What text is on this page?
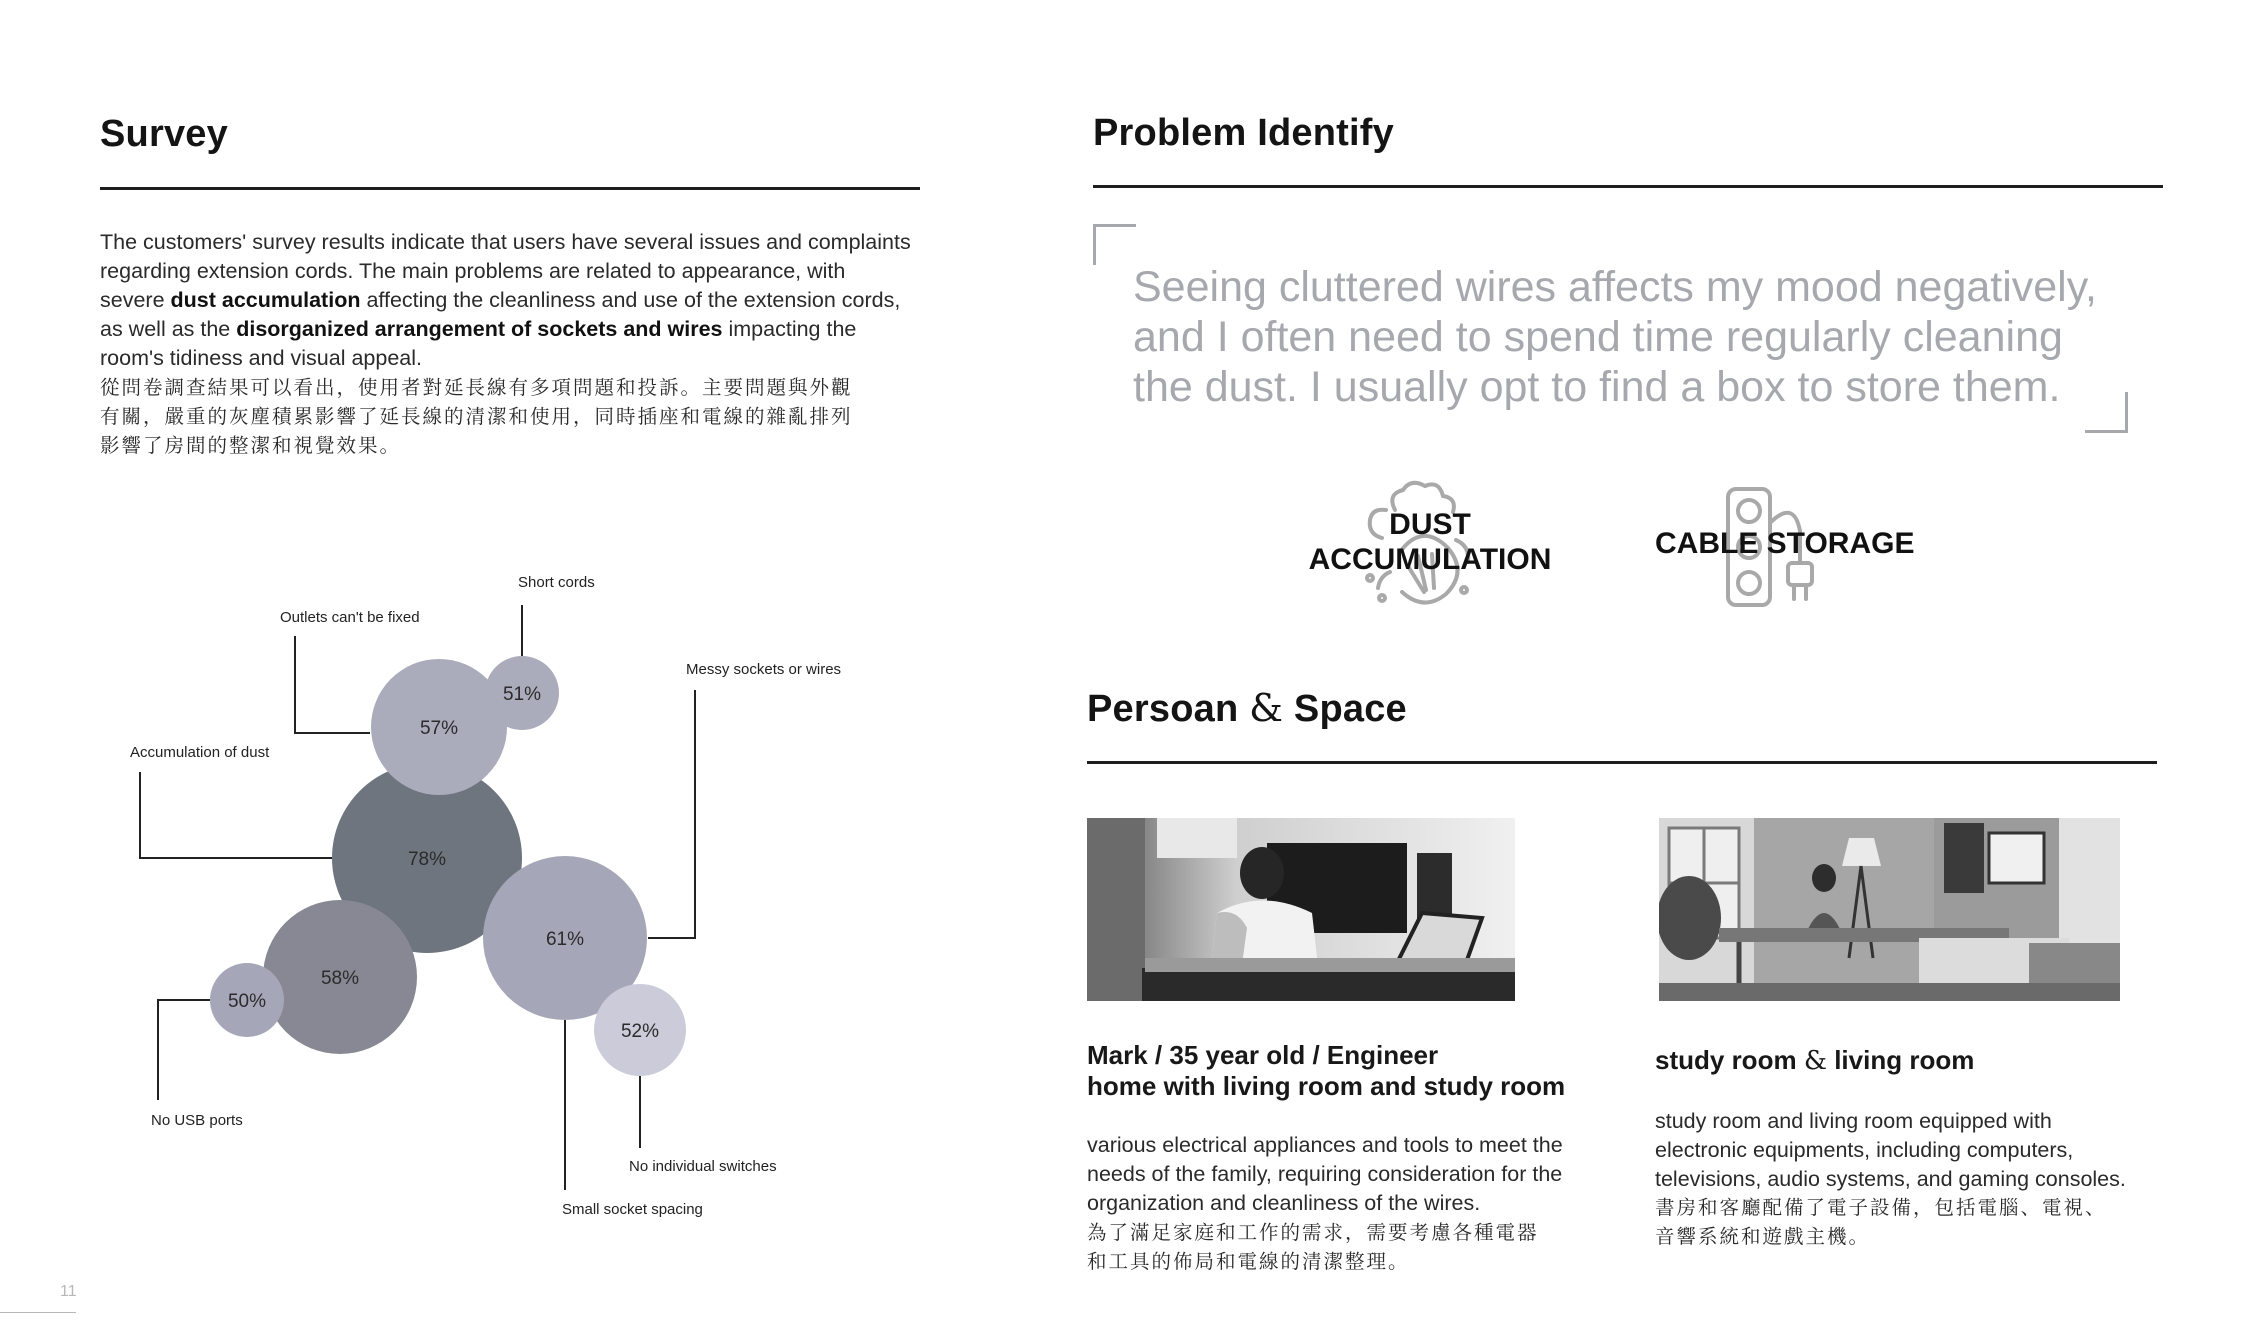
Survey
The customers' survey results indicate that users have several issues and complaints regarding extension cords. The main problems are related to appearance, with severe dust accumulation affecting the cleanliness and use of the extension cords, as well as the disorganized arrangement of sockets and wires impacting the room's tidiness and visual appeal.
從問卷調查結果可以看出，使用者對延長線有多項問題和投訴。主要問題與外觀
有關，嚴重的灰塵積累影響了延長線的清潔和使用，同時插座和電線的雜亂排列
影響了房間的整潔和視覺效果。
78%
57%
51%
58%
61%
52%
50%
Accumulation of dust
Outlets can't be fixed
Short cords
Messy sockets or wires
No USB ports
Small socket spacing
No individual switches
11
Problem Identify
Seeing cluttered wires affects my mood negatively,
and I often need to spend time regularly cleaning
the dust. I usually opt to find a box to store them.
DUST
ACCUMULATION	CABLE STORAGE
Persoan & Space
Mark / 35 year old / Engineer
home with living room and study room
various electrical appliances and tools to meet the
needs of the family, requiring consideration for the
organization and cleanliness of the wires.
為了滿足家庭和工作的需求，需要考慮各種電器
和工具的佈局和電線的清潔整理。
study room & living room
study room and living room equipped with
electronic equipments, including computers,
televisions, audio systems, and gaming consoles.
書房和客廳配備了電子設備，包括電腦、電視、
音響系統和遊戲主機。
